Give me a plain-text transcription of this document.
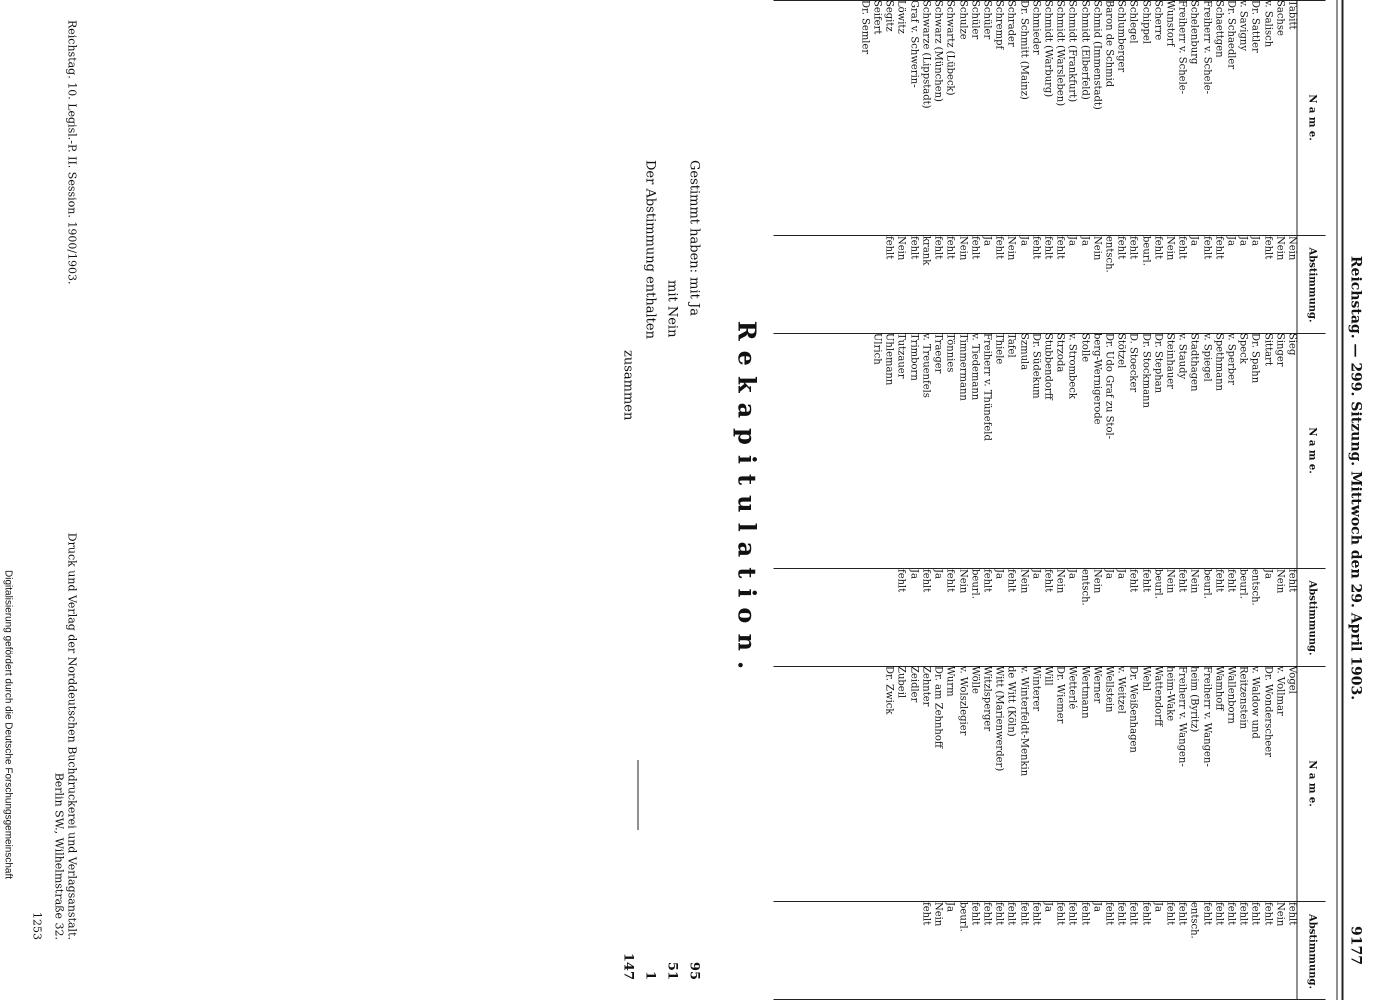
Reichstag. — 299. Sitzung. Mittwoch den 29. April 1903.
9177
N a m e.
Tabitt
Sachse
v. Salisch
Dr. Sattler
v. Savigny
Dr. Schaedler
Schaettgen
Freiherr v. Schele-
Schelenburg
Freiherr v. Schele-
Wunstorf
Scherre
Schippel
Schlegel
Schlumberger
Baron de Schmid
Schmid (Immenstadt)
Schmidt (Elberfeld)
Schmidt (Frankfurt)
Schmidt (Warsleben)
Schmidt (Warburg)
Schmieder
Dr. Schmitt (Mainz)
Schrader
Schrempf
Schüler
Schüler
Schulze
Schwartz (Lübeck)
Schwarz (München)
Schwarze (Lippstadt)
Graf v. Schwerin-
Löwitz
Segitz
Seifert
Dr. Semler
Abstimmung.
Nein
Nein
fehlt
Ja
Ja
Ja
fehlt
fehlt
Ja
fehlt
Nein
fehlt
beurl.
fehlt
fehlt
entsch.
Nein
Ja
Ja
fehlt
fehlt
fehlt
Ja
Nein
fehlt
Ja
fehlt
Nein
fehlt
fehlt
krank
fehlt
Nein
fehlt
N a m e.
Sieg
Singer
Sittart
Dr. Spahn
Speck
v. Sperber
Spethmann
v. Spiegel
Stadthagen
v. Staudy
Steinhauer
Dr. Stephan
Dr. Stockmann
D. Stoecker
Stötzel
Dr. Udo Graf zu Stol-
berg-Wernigerode
Stolle
v. Strombeck
Strzoda
Stubbendorff
Dr. Südekum
Szmula
Tafel
Thiele
Freiherr v. Thünefeld
v. Tiedemann
Timmermann
Tönnies
Traeger
v. Treuenfels
Trimborn
Tutzauer
Uhlemann
Ulrich
Abstimmung.
fehlt
Nein
Ja
entsch.
beurl.
fehlt
fehlt
beurl.
Nein
fehlt
Nein
beurl.
fehlt
fehlt
Ja
Ja
Nein
entsch.
Ja
Nein
fehlt
Ja
Nein
fehlt
Ja
fehlt
beurl.
Nein
fehlt
Ja
fehlt
Ja
fehlt
N a m e.
Vogel
v. Vollmar
Dr. Wonderscheer
v. Waldow und
Reitzenstein
Wallenborn
Wamhoff
Freiherr v. Wangen-
heim (Byritz)
Freiherr v. Wangen-
heim-Wake
Wattendorff
Wehl
Dr. Weißenhagen
v. Weitzel
Wellstein
Werner
Wertmann
Wetterlé
Dr. Wiemer
Will
Winterer
v. Winterfeldt-Menkin
de Witt (Köln)
Witt (Marienwerder)
Witzlsperger
Wölle
v. Wolszlegier
Wurm
Dr. am Zehnhoff
Zehnter
Zeidler
Zubeil
Dr. Zwick
Abstimmung.
fehlt
Nein
fehlt
fehlt
fehlt
fehlt
fehlt
fehlt
entsch.
fehlt
fehlt
Ja
fehlt
fehlt
fehlt
fehlt
Ja
fehlt
fehlt
fehlt
Ja
fehlt
fehlt
fehlt
fehlt
fehlt
fehlt
beurl.
Ja
Nein
fehlt
Rekapitulation.
Gestimmt haben: mit Ja
95
mit Nein
51
Der Abstimmung enthalten
1
zusammen
147
Reichstag. 10. Legisl.-P. II. Session. 1900/1903.
Druck und Verlag der Norddeutschen Buchdruckerei und Verlagsanstalt.
Berlin SW., Wilhelmstraße 32.
1253
Digitalisierung gefördert durch die Deutsche Forschungsgemeinschaft
